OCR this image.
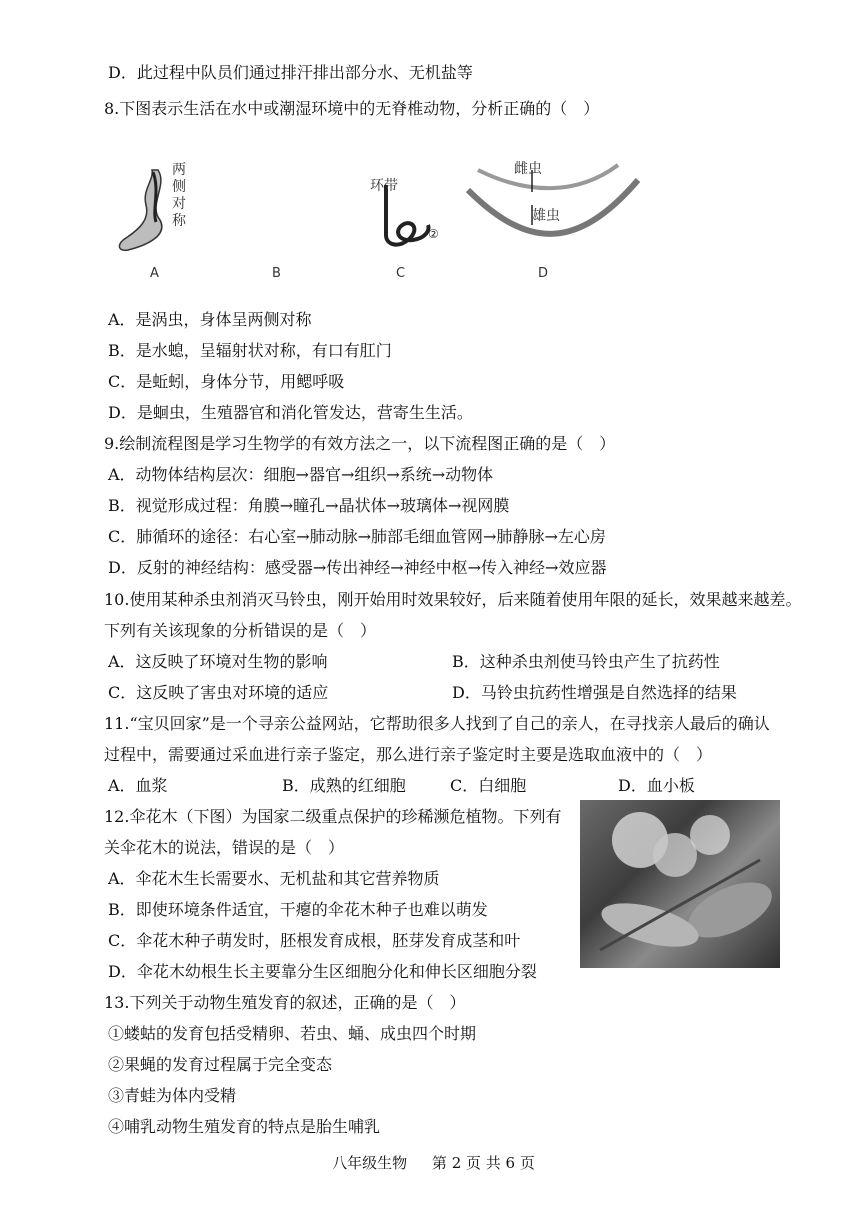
D．此过程中队员们通过排汗排出部分水、无机盐等
8.下图表示生活在水中或潮湿环境中的无脊椎动物，分析正确的（　）
两侧对称
环带
②
雌虫
雄虫
A	B	C	D
A．是涡虫，身体呈两侧对称
B．是水螅，呈辐射状对称，有口有肛门
C．是蚯蚓，身体分节，用鳃呼吸
D．是蛔虫，生殖器官和消化管发达，营寄生生活。
9.绘制流程图是学习生物学的有效方法之一，以下流程图正确的是（　）
A．动物体结构层次：细胞→器官→组织→系统→动物体
B．视觉形成过程：角膜→瞳孔→晶状体→玻璃体→视网膜
C．肺循环的途径：右心室→肺动脉→肺部毛细血管网→肺静脉→左心房
D．反射的神经结构：感受器→传出神经→神经中枢→传入神经→效应器
10.使用某种杀虫剂消灭马铃虫，刚开始用时效果较好，后来随着使用年限的延长，效果越来越差。
下列有关该现象的分析错误的是（　）
A．这反映了环境对生物的影响	B．这种杀虫剂使马铃虫产生了抗药性
C．这反映了害虫对环境的适应	D．马铃虫抗药性增强是自然选择的结果
11.“宝贝回家”是一个寻亲公益网站，它帮助很多人找到了自己的亲人，在寻找亲人最后的确认
过程中，需要通过采血进行亲子鉴定，那么进行亲子鉴定时主要是选取血液中的（　）
A．血浆	B．成熟的红细胞	C．白细胞	D．血小板
12.伞花木（下图）为国家二级重点保护的珍稀濒危植物。下列有
关伞花木的说法，错误的是（　）
A．伞花木生长需要水、无机盐和其它营养物质
B．即使环境条件适宜，干瘪的伞花木种子也难以萌发
C．伞花木种子萌发时，胚根发育成根，胚芽发育成茎和叶
D．伞花木幼根生长主要靠分生区细胞分化和伸长区细胞分裂
13.下列关于动物生殖发育的叙述，正确的是（　）
①蝼蛄的发育包括受精卵、若虫、蛹、成虫四个时期
②果蝇的发育过程属于完全变态
③青蛙为体内受精
④哺乳动物生殖发育的特点是胎生哺乳
八年级生物 第 2 页 共 6 页
